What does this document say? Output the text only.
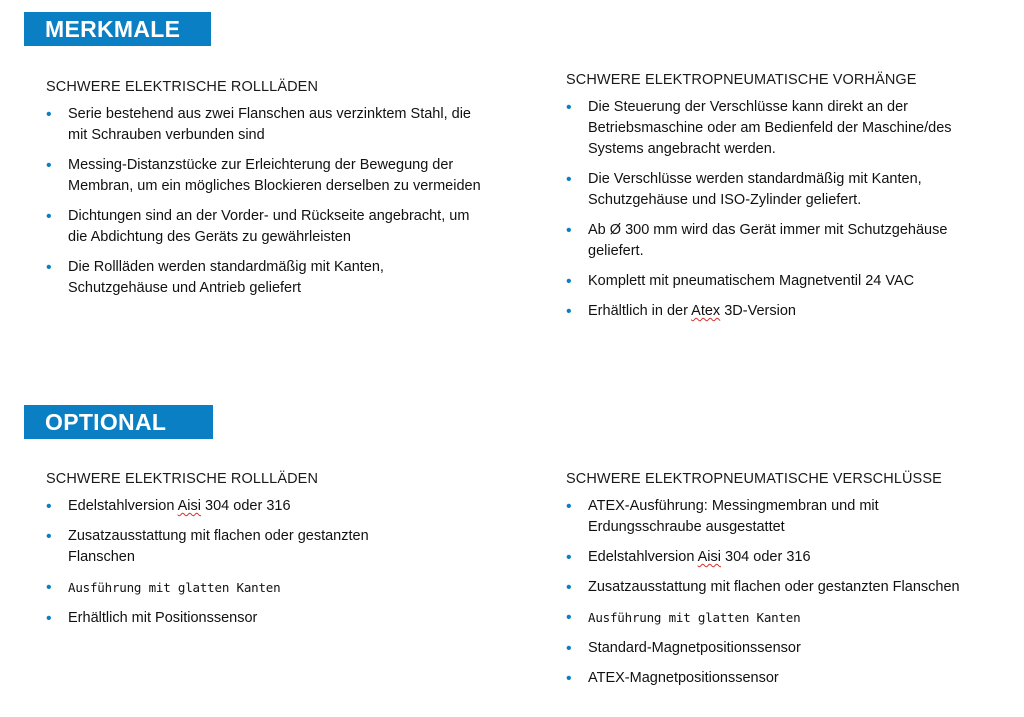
MERKMALE
SCHWERE ELEKTRISCHE ROLLLÄDEN
• Serie bestehend aus zwei Flanschen aus verzinktem Stahl, die mit Schrauben verbunden sind
• Messing-Distanzstücke zur Erleichterung der Bewegung der Membran, um ein mögliches Blockieren derselben zu vermeiden
• Dichtungen sind an der Vorder- und Rückseite angebracht, um die Abdichtung des Geräts zu gewährleisten
• Die Rollläden werden standardmäßig mit Kanten, Schutzgehäuse und Antrieb geliefert
SCHWERE ELEKTROPNEUMATISCHE VORHÄNGE
• Die Steuerung der Verschlüsse kann direkt an der Betriebsmaschine oder am Bedienfeld der Maschine/des Systems angebracht werden.
• Die Verschlüsse werden standardmäßig mit Kanten, Schutzgehäuse und ISO-Zylinder geliefert.
• Ab Ø 300 mm wird das Gerät immer mit Schutzgehäuse geliefert.
• Komplett mit pneumatischem Magnetventil 24 VAC
• Erhältlich in der Atex 3D-Version
OPTIONAL
SCHWERE ELEKTRISCHE ROLLLÄDEN
• Edelstahlversion Aisi 304 oder 316
• Zusatzausstattung mit flachen oder gestanzten Flanschen
• Ausführung mit glatten Kanten
• Erhältlich mit Positionssensor
SCHWERE ELEKTROPNEUMATISCHE VERSCHLÜSSE
• ATEX-Ausführung: Messingmembran und mit Erdungsschraube ausgestattet
• Edelstahlversion Aisi 304 oder 316
• Zusatzausstattung mit flachen oder gestanzten Flanschen
• Ausführung mit glatten Kanten
• Standard-Magnetpositionssensor
• ATEX-Magnetpositionssensor
